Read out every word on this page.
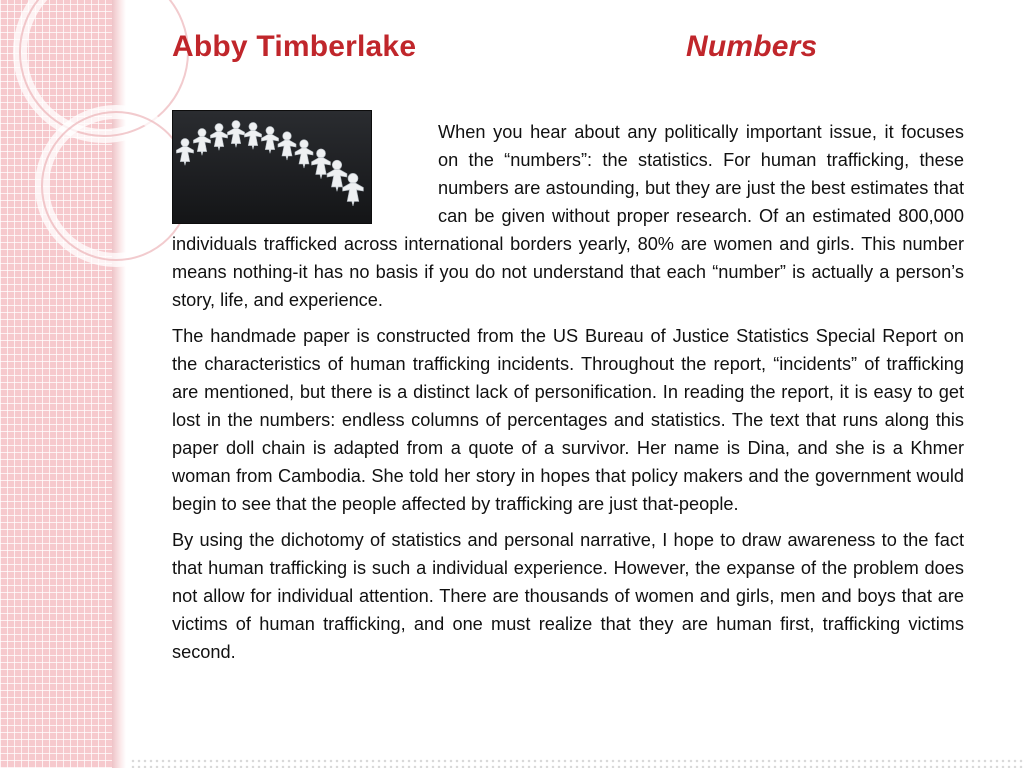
Abby Timberlake	Numbers

When you hear about any politically important issue, it focuses on the “numbers”: the statistics. For human trafficking, these numbers are astounding, but they are just the best estimates that can be given without proper research. Of an estimated 800,000 individuals trafficked across international borders yearly, 80% are women and girls. This number means nothing-it has no basis if you do not understand that each “number” is actually a person’s story, life, and experience.

The handmade paper is constructed from the US Bureau of Justice Statistics Special Report on the characteristics of human trafficking incidents. Throughout the report, “incidents” of trafficking are mentioned, but there is a distinct lack of personification. In reading the report, it is easy to get lost in the numbers: endless columns of percentages and statistics. The text that runs along this paper doll chain is adapted from a quote of a survivor. Her name is Dina, and she is a Khmer woman from Cambodia. She told her story in hopes that policy makers and the government would begin to see that the people affected by trafficking are just that-people.

By using the dichotomy of statistics and personal narrative, I hope to draw awareness to the fact that human trafficking is such a individual experience. However, the expanse of the problem does not allow for individual attention. There are thousands of women and girls, men and boys that are victims of human trafficking, and one must realize that they are human first, trafficking victims second.
